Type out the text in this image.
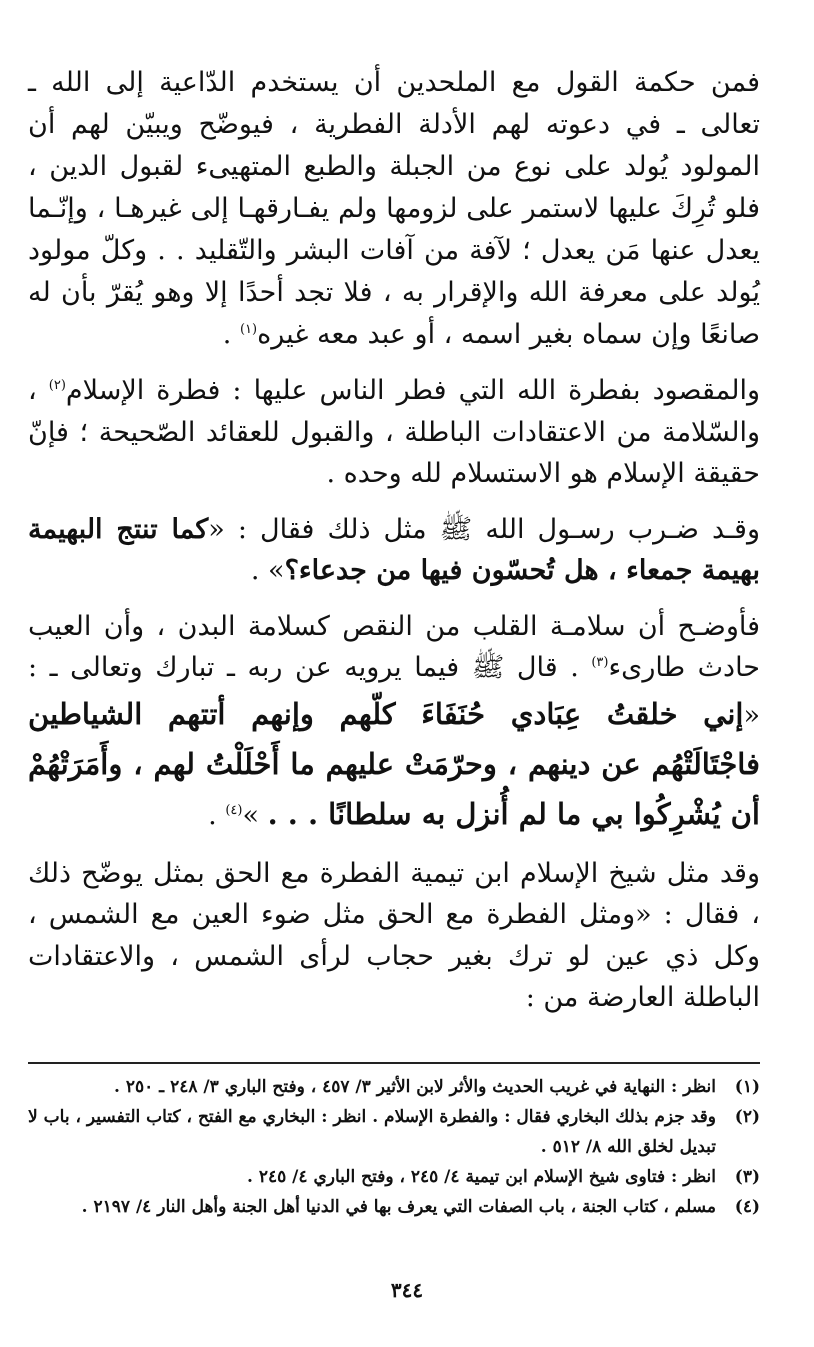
فمن حكمة القول مع الملحدين أن يستخدم الدّاعية إلى الله ـ تعالى ـ في دعوته لهم الأدلة الفطرية ، فيوضّح ويبيّن لهم أن المولود يُولد على نوع من الجبلة والطبع المتهيىء لقبول الدين ، فلو تُرِكَ عليها لاستمر على لزومها ولم يفـارقهـا إلى غيرهـا ، وإنّـما يعدل عنها مَن يعدل ؛ لآفة من آفات البشر والتّقليد . . وكلّ مولود يُولد على معرفة الله والإقرار به ، فلا تجد أحدًا إلا وهو يُقرّ بأن له صانعًا وإن سماه بغير اسمه ، أو عبد معه غيره$^{(١)}$ .

والمقصود بفطرة الله التي فطر الناس عليها : فطرة الإسلام$^{(٢)}$ ، والسّلامة من الاعتقادات الباطلة ، والقبول للعقائد الصّحيحة ؛ فإنّ حقيقة الإسلام هو الاستسلام لله وحده .

وقـد ضـرب رسـول الله ﷺ مثل ذلك فقال : «كما تنتج البهيمة بهيمة جمعاء ، هل تُحسّون فيها من جدعاء؟» .

فأوضـح أن سلامـة القلب من النقص كسلامة البدن ، وأن العيب حادث طارىء$^{(٣)}$ . قال ﷺ فيما يرويه عن ربه ـ تبارك وتعالى ـ : «إني خلقتُ عِبَادي حُنَفَاءَ كلّهم وإنهم أتتهم الشياطين فاجْتَالَتْهُم عن دينهم ، وحرّمَتْ عليهم ما أَحْلَلْتُ لهم ، وأَمَرَتْهُمْ أن يُشْرِكُوا بي ما لم أُنزل به سلطانًا . . . »$^{(٤)}$ .

وقد مثل شيخ الإسلام ابن تيمية الفطرة مع الحق بمثل يوضّح ذلك ، فقال : «ومثل الفطرة مع الحق مثل ضوء العين مع الشمس ، وكل ذي عين لو ترك بغير حجاب لرأى الشمس ، والاعتقادات الباطلة العارضة من :

(١)
انظر : النهاية في غريب الحديث والأثر لابن الأثير ٣/ ٤٥٧ ، وفتح الباري ٣/ ٢٤٨ ـ ٢٥٠ .
(٢)
وقد جزم بذلك البخاري فقال : والفطرة الإسلام . انظر : البخاري مع الفتح ، كتاب التفسير ، باب لا تبديل لخلق الله ٨/ ٥١٢ .
(٣)
انظر : فتاوى شيخ الإسلام ابن تيمية ٤/ ٢٤٥ ، وفتح الباري ٤/ ٢٤٥ .
(٤)
مسلم ، كتاب الجنة ، باب الصفات التي يعرف بها في الدنيا أهل الجنة وأهل النار ٤/ ٢١٩٧ .
٣٤٤
